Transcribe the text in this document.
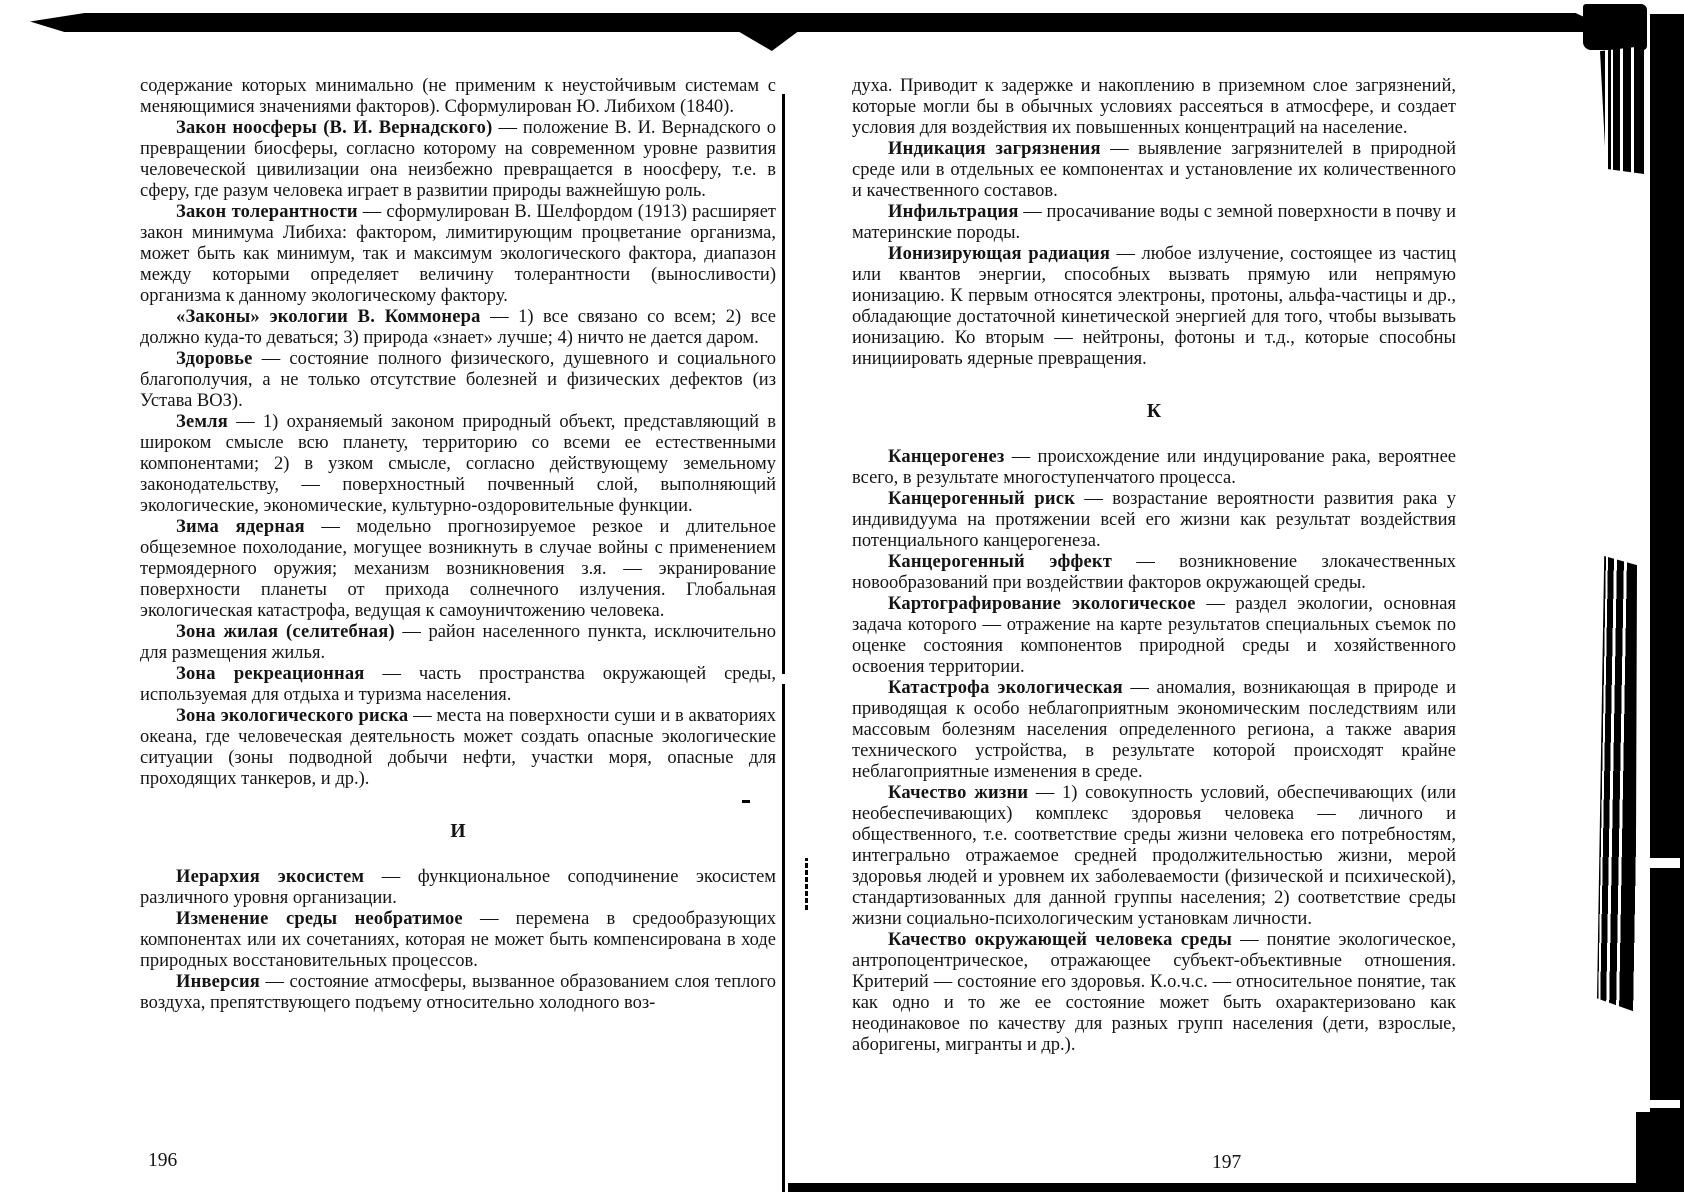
содержание которых минимально (не применим к неустойчивым системам с меняющимися значениями факторов). Сформулирован Ю. Либихом (1840).

Закон ноосферы (В. И. Вернадского) — положение В. И. Вернадского о превращении биосферы, согласно которому на современном уровне развития человеческой цивилизации она неизбежно превращается в ноосферу, т.е. в сферу, где разум человека играет в развитии природы важнейшую роль.

Закон толерантности — сформулирован В. Шелфордом (1913) расширяет закон минимума Либиха: фактором, лимитирующим процветание организма, может быть как минимум, так и максимум экологического фактора, диапазон между которыми определяет величину толерантности (выносливости) организма к данному экологическому фактору.

«Законы» экологии В. Коммонера — 1) все связано со всем; 2) все должно куда-то деваться; 3) природа «знает» лучше; 4) ничто не дается даром.

Здоровье — состояние полного физического, душевного и социального благополучия, а не только отсутствие болезней и физических дефектов (из Устава ВОЗ).

Земля — 1) охраняемый законом природный объект, представляющий в широком смысле всю планету, территорию со всеми ее естественными компонентами; 2) в узком смысле, согласно действующему земельному законодательству, — поверхностный почвенный слой, выполняющий экологические, экономические, культурно-оздоровительные функции.

Зима ядерная — модельно прогнозируемое резкое и длительное общеземное похолодание, могущее возникнуть в случае войны с применением термоядерного оружия; механизм возникновения з.я. — экранирование поверхности планеты от прихода солнечного излучения. Глобальная экологическая катастрофа, ведущая к самоуничтожению человека.

Зона жилая (селитебная) — район населенного пункта, исключительно для размещения жилья.

Зона рекреационная — часть пространства окружающей среды, используемая для отдыха и туризма населения.

Зона экологического риска — места на поверхности суши и в акваториях океана, где человеческая деятельность может создать опасные экологические ситуации (зоны подводной добычи нефти, участки моря, опасные для проходящих танкеров, и др.).

И

Иерархия экосистем — функциональное соподчинение экосистем различного уровня организации.

Изменение среды необратимое — перемена в средообразующих компонентах или их сочетаниях, которая не может быть компенсирована в ходе природных восстановительных процессов.

Инверсия — состояние атмосферы, вызванное образованием слоя теплого воздуха, препятствующего подъему относительно холодного воз-

196

духа. Приводит к задержке и накоплению в приземном слое загрязнений, которые могли бы в обычных условиях рассеяться в атмосфере, и создает условия для воздействия их повышенных концентраций на население.

Индикация загрязнения — выявление загрязнителей в природной среде или в отдельных ее компонентах и установление их количественного и качественного составов.

Инфильтрация — просачивание воды с земной поверхности в почву и материнские породы.

Ионизирующая радиация — любое излучение, состоящее из частиц или квантов энергии, способных вызвать прямую или непрямую ионизацию. К первым относятся электроны, протоны, альфа-частицы и др., обладающие достаточной кинетической энергией для того, чтобы вызывать ионизацию. Ко вторым — нейтроны, фотоны и т.д., которые способны инициировать ядерные превращения.

К

Канцерогенез — происхождение или индуцирование рака, вероятнее всего, в результате многоступенчатого процесса.

Канцерогенный риск — возрастание вероятности развития рака у индивидуума на протяжении всей его жизни как результат воздействия потенциального канцерогенеза.

Канцерогенный эффект — возникновение злокачественных новообразований при воздействии факторов окружающей среды.

Картографирование экологическое — раздел экологии, основная задача которого — отражение на карте результатов специальных съемок по оценке состояния компонентов природной среды и хозяйственного освоения территории.

Катастрофа экологическая — аномалия, возникающая в природе и приводящая к особо неблагоприятным экономическим последствиям или массовым болезням населения определенного региона, а также авария технического устройства, в результате которой происходят крайне неблагоприятные изменения в среде.

Качество жизни — 1) совокупность условий, обеспечивающих (или необеспечивающих) комплекс здоровья человека — личного и общественного, т.е. соответствие среды жизни человека его потребностям, интегрально отражаемое средней продолжительностью жизни, мерой здоровья людей и уровнем их заболеваемости (физической и психической), стандартизованных для данной группы населения; 2) соответствие среды жизни социально-психологическим установкам личности.

Качество окружающей человека среды — понятие экологическое, антропоцентрическое, отражающее субъект-объективные отношения. Критерий — состояние его здоровья. К.о.ч.с. — относительное понятие, так как одно и то же ее состояние может быть охарактеризовано как неодинаковое по качеству для разных групп населения (дети, взрослые, аборигены, мигранты и др.).

197
